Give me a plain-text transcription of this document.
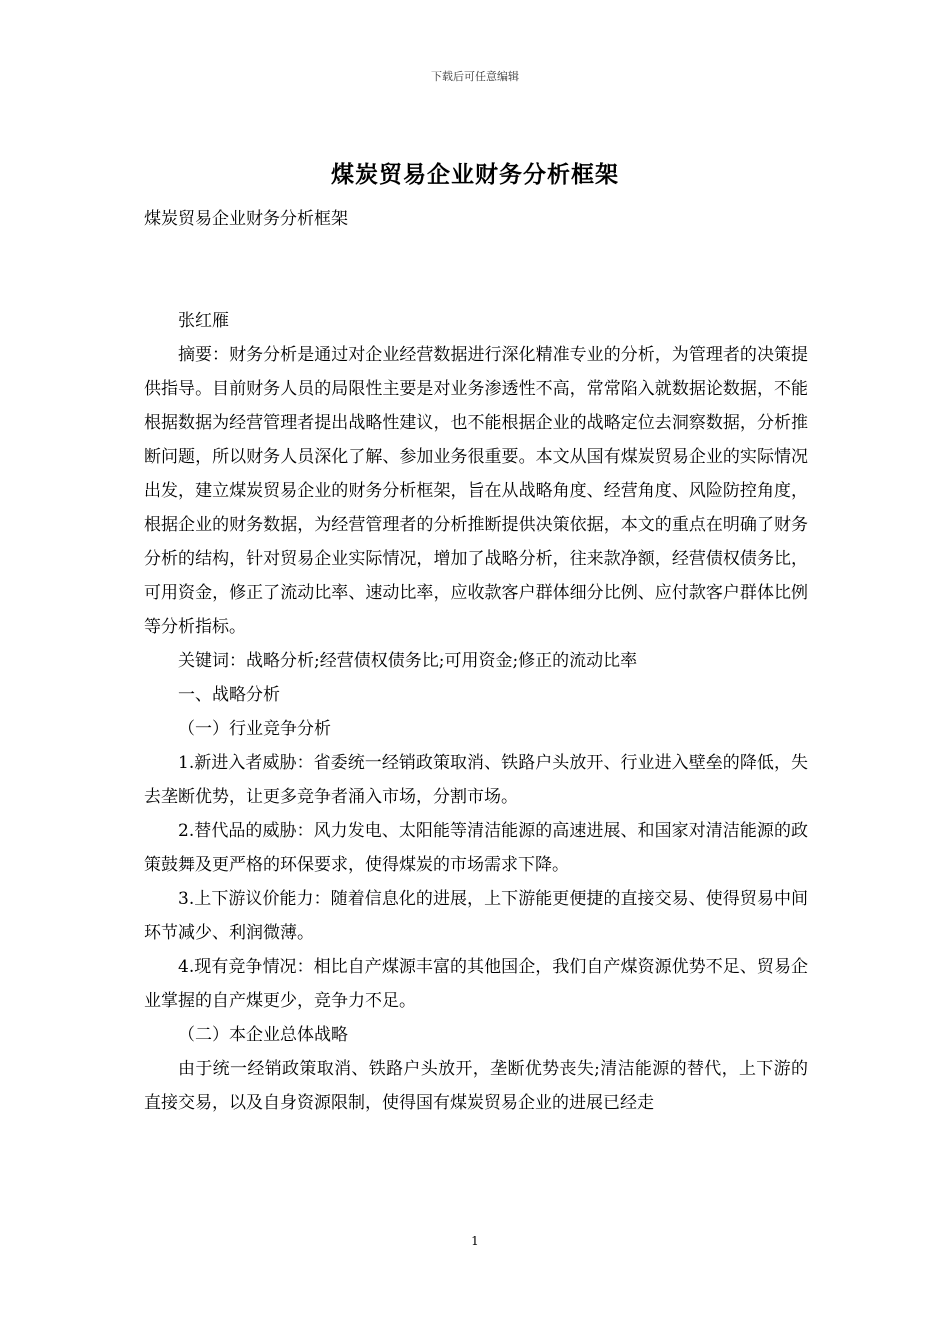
下载后可任意编辑
煤炭贸易企业财务分析框架

煤炭贸易企业财务分析框架

张红雁

摘要：财务分析是通过对企业经营数据进行深化精准专业的分析，为管理者的决策提供指导。目前财务人员的局限性主要是对业务渗透性不高，常常陷入就数据论数据，不能根据数据为经营管理者提出战略性建议，也不能根据企业的战略定位去洞察数据，分析推断问题，所以财务人员深化了解、参加业务很重要。本文从国有煤炭贸易企业的实际情况出发，建立煤炭贸易企业的财务分析框架，旨在从战略角度、经营角度、风险防控角度，根据企业的财务数据，为经营管理者的分析推断提供决策依据，本文的重点在明确了财务分析的结构，针对贸易企业实际情况，增加了战略分析，往来款净额，经营债权债务比，可用资金，修正了流动比率、速动比率，应收款客户群体细分比例、应付款客户群体比例等分析指标。

关键词：战略分析;经营债权债务比;可用资金;修正的流动比率

一、战略分析

（一）行业竞争分析

1.新进入者威胁：省委统一经销政策取消、铁路户头放开、行业进入壁垒的降低，失去垄断优势，让更多竞争者涌入市场，分割市场。

2.替代品的威胁：风力发电、太阳能等清洁能源的高速进展、和国家对清洁能源的政策鼓舞及更严格的环保要求，使得煤炭的市场需求下降。

3.上下游议价能力：随着信息化的进展，上下游能更便捷的直接交易、使得贸易中间环节减少、利润微薄。

4.现有竞争情况：相比自产煤源丰富的其他国企，我们自产煤资源优势不足、贸易企业掌握的自产煤更少，竞争力不足。

（二）本企业总体战略

由于统一经销政策取消、铁路户头放开，垄断优势丧失;清洁能源的替代，上下游的直接交易，以及自身资源限制，使得国有煤炭贸易企业的进展已经走

1
